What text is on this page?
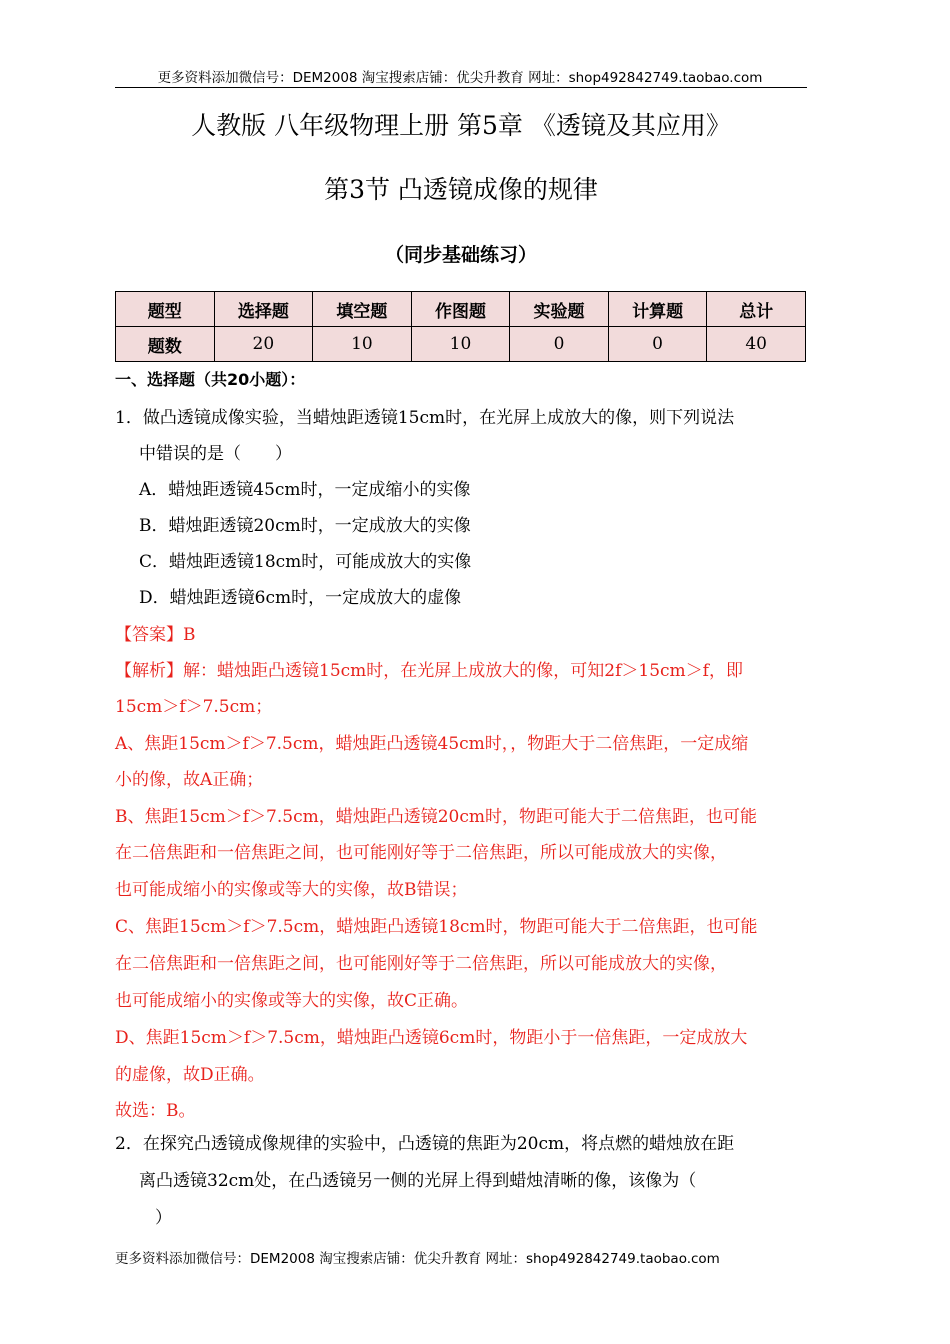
更多资料添加微信号：DEM2008 淘宝搜索店铺：优尖升教育 网址：shop492842749.taobao.com
人教版 八年级物理上册 第5章 《透镜及其应用》
第3节 凸透镜成像的规律
（同步基础练习）
题型	选择题	填空题	作图题	实验题	计算题	总计
题数	20	10	10	0	0	40
一、选择题（共20小题）：
1．做凸透镜成像实验，当蜡烛距透镜15cm时，在光屏上成放大的像，则下列说法
中错误的是（　　）
A．蜡烛距透镜45cm时，一定成缩小的实像
B．蜡烛距透镜20cm时，一定成放大的实像
C．蜡烛距透镜18cm时，可能成放大的实像
D．蜡烛距透镜6cm时，一定成放大的虚像
【答案】B
【解析】解：蜡烛距凸透镜15cm时，在光屏上成放大的像，可知2f＞15cm＞f，即
15cm＞f＞7.5cm；
A、焦距15cm＞f＞7.5cm，蜡烛距凸透镜45cm时，，物距大于二倍焦距，一定成缩
小的像，故A正确；
B、焦距15cm＞f＞7.5cm，蜡烛距凸透镜20cm时，物距可能大于二倍焦距，也可能
在二倍焦距和一倍焦距之间，也可能刚好等于二倍焦距，所以可能成放大的实像，
也可能成缩小的实像或等大的实像，故B错误；
C、焦距15cm＞f＞7.5cm，蜡烛距凸透镜18cm时，物距可能大于二倍焦距，也可能
在二倍焦距和一倍焦距之间，也可能刚好等于二倍焦距，所以可能成放大的实像，
也可能成缩小的实像或等大的实像，故C正确。
D、焦距15cm＞f＞7.5cm，蜡烛距凸透镜6cm时，物距小于一倍焦距，一定成放大
的虚像，故D正确。
故选：B。
2．在探究凸透镜成像规律的实验中，凸透镜的焦距为20cm，将点燃的蜡烛放在距
离凸透镜32cm处，在凸透镜另一侧的光屏上得到蜡烛清晰的像，该像为（
）
更多资料添加微信号：DEM2008 淘宝搜索店铺：优尖升教育 网址：shop492842749.taobao.com
